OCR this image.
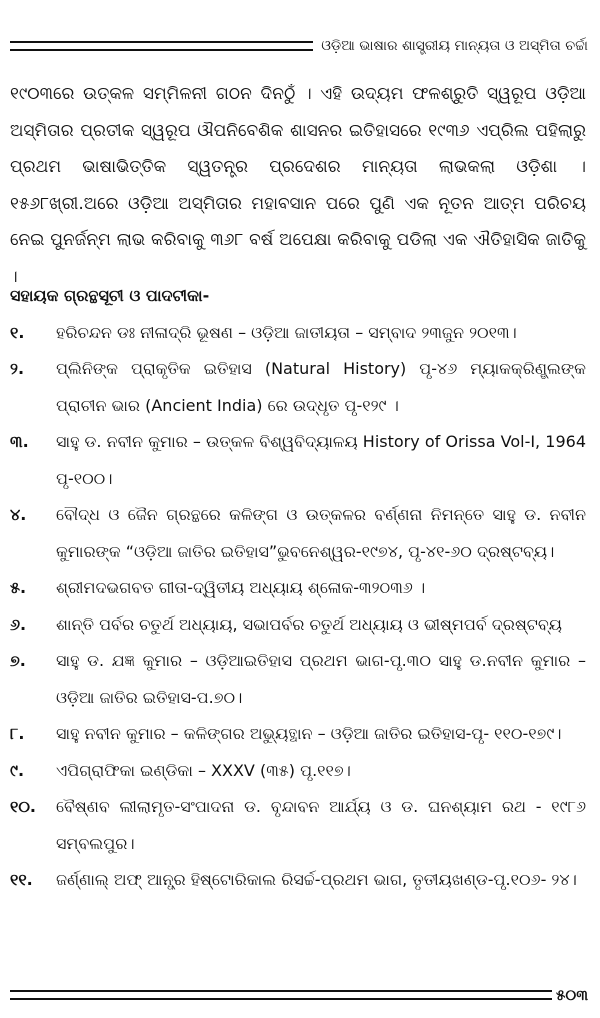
ଓଡ଼ିଆ ଭାଷାର ଶାସ୍ତ୍ରୀୟ ମାନ୍ୟତା ଓ ଅସ୍ମିତା ଚର୍ଚ୍ଚା
୧୯୦୩ରେ ଉତ୍କଳ ସମ୍ମିଳନୀ ଗଠନ ଦିନଠୁଁ । ଏହି ଉଦ୍ୟମ ଫଳଶ୍ରୁତି ସ୍ୱରୂପ ଓଡ଼ିଆ ଅସ୍ମିତାର ପ୍ରତୀକ ସ୍ୱରୂପ ଔପନିବେଶିକ ଶାସନର ଇତିହାସରେ ୧୯୩୬ ଏପ୍ରିଲ ପହିଲାରୁ ପ୍ରଥମ ଭାଷାଭିତ୍ତିକ ସ୍ୱତନ୍ତ୍ର ପ୍ରଦେଶର ମାନ୍ୟତା ଲାଭକଲା ଓଡ଼ିଶା । ୧୫୬୮ଖ୍ରୀ.ଅରେ ଓଡ଼ିଆ ଅସ୍ମିତାର ମହାବସାନ ପରେ ପୁଣି ଏକ ନୂତନ ଆତ୍ମ ପରିଚୟ ନେଇ ପୁନର୍ଜନ୍ମ ଲାଭ କରିବାକୁ ୩୬୮ ବର୍ଷ ଅପେକ୍ଷା କରିବାକୁ ପଡିଲା ଏକ ଐତିହାସିକ ଜାତିକୁ ।
ସହାୟକ ଗ୍ରନ୍ଥସୂଚୀ ଓ ପାଦଟୀକା-
୧.	ହରିଚନ୍ଦନ ଡଃ ନୀଳାଦ୍ରି ଭୂଷଣ – ଓଡ଼ିଆ ଜାତୀୟତା – ସମ୍ବାଦ ୨୩ଜୁନ ୨୦୧୩।
୨.	ପ୍ଲିନିଙ୍କ ପ୍ରାକୃତିକ ଇତିହାସ (Natural History) ପୃ-୪୬ ମ୍ୟାକକ୍ରିଣ୍ଡ୍ଲଙ୍କ ପ୍ରାଚୀନ ଭାର (Ancient India) ରେ ଉଦ୍ଧୃତ ପୃ-୧୨୯ ।
୩.	ସାହୁ ଡ. ନବୀନ କୁମାର – ଉତ୍କଳ ବିଶ୍ୱବିଦ୍ୟାଳୟ History of Orissa Vol-I, 1964 ପୃ-୧୦୦।
୪.	ବୌଦ୍ଧ ଓ ଜୈନ ଗ୍ରନ୍ଥରେ କଳିଙ୍ଗ ଓ ଉତ୍କଳର ବର୍ଣ୍ଣନା ନିମନ୍ତେ ସାହୁ ଡ. ନବୀନ କୁମାରଙ୍କ “ଓଡ଼ିଆ ଜାତିର ଇତିହାସ”ଭୁବନେଶ୍ୱର-୧୯୭୪, ପୃ-୪୧-୬୦ ଦ୍ରଷ୍ଟବ୍ୟ।
୫.	ଶ୍ରୀମଦଭଗବତ ଗୀତା-ଦ୍ୱିତୀୟ ଅଧ୍ୟାୟ ଶ୍ଳୋକ-୩୨ଠ୩୬ ।
୬.	ଶାନ୍ତି ପର୍ବର ଚତୁର୍ଥ ଅଧ୍ୟାୟ, ସଭାପର୍ବର ଚତୁର୍ଥ ଅଧ୍ୟାୟ ଓ ଭୀଷ୍ମପର୍ବ ଦ୍ରଷ୍ଟବ୍ୟ
୭.	ସାହୁ ଡ. ଯଜ୍ଞ କୁମାର – ଓଡ଼ିଆଇତିହାସ ପ୍ରଥମ ଭାଗ-ପୃ.୩୦ ସାହୁ ଡ.ନବୀନ କୁମାର – ଓଡ଼ିଆ ଜାତିର ଇତିହାସ-ପ.୭୦।
୮.	ସାହୁ ନବୀନ କୁମାର – କଳିଙ୍ଗର ଅଭ୍ୟୁତ୍ଥାନ – ଓଡ଼ିଆ ଜାତିର ଇତିହାସ-ପୃ- ୧୧୦-୧୭୯।
୯.	ଏପିଗ୍ରାଫିକା ଇଣ୍ଡିକା – XXXV (୩୫) ପୃ.୧୧୭।
୧୦.	ବୈଷ୍ଣବ ଲୀଲାମୃତ-ସଂପାଦନା ଡ. ବୃନ୍ଦାବନ ଆର୍ଯ୍ୟ ଓ ଡ. ଘନଶ୍ୟାମ ରଥ - ୧୯୮୬ ସମ୍ବଲପୁର।
୧୧.	ଜର୍ଣ୍ଣାଲ୍ ଅଫ୍ ଆନ୍ଧ୍ର ହିଷ୍ଟୋରିକାଲ ରିସର୍ଚ୍ଚ-ପ୍ରଥମ ଭାଗ, ତୃତୀୟଖଣ୍ଡ-ପୃ.୧୦୬- ୨୪।
୫୦୩
